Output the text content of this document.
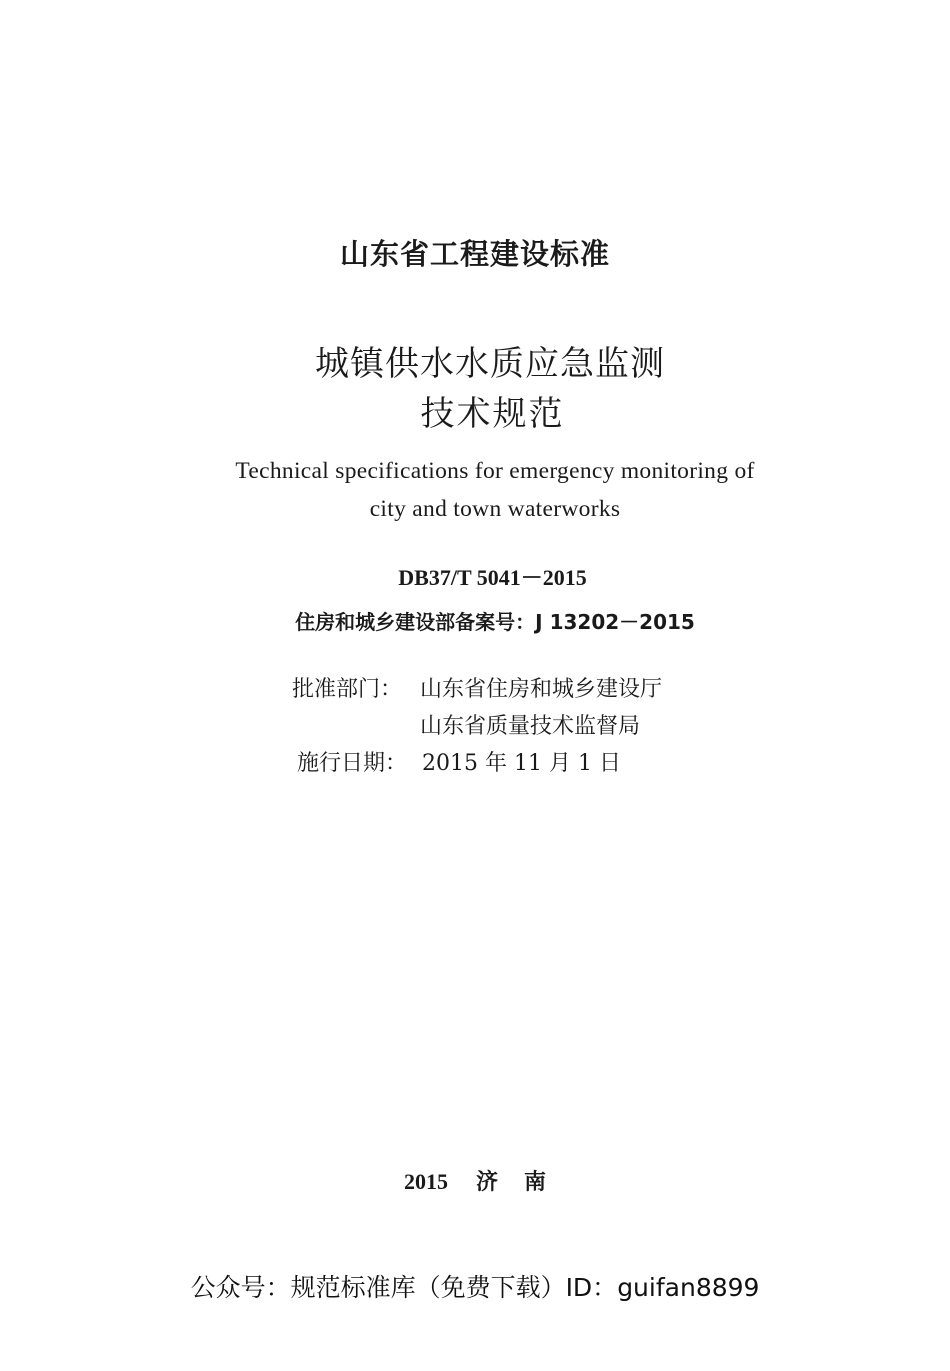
山东省工程建设标准
城镇供水水质应急监测
技术规范
Technical specifications for emergency monitoring of
city and town waterworks
DB37/T 5041－2015
住房和城乡建设部备案号：J 13202－2015
批准部门： 山东省住房和城乡建设厅
山东省质量技术监督局
施行日期： 2015 年 11 月 1 日
2015 济南
公众号：规范标准库（免费下载）ID：guifan8899
